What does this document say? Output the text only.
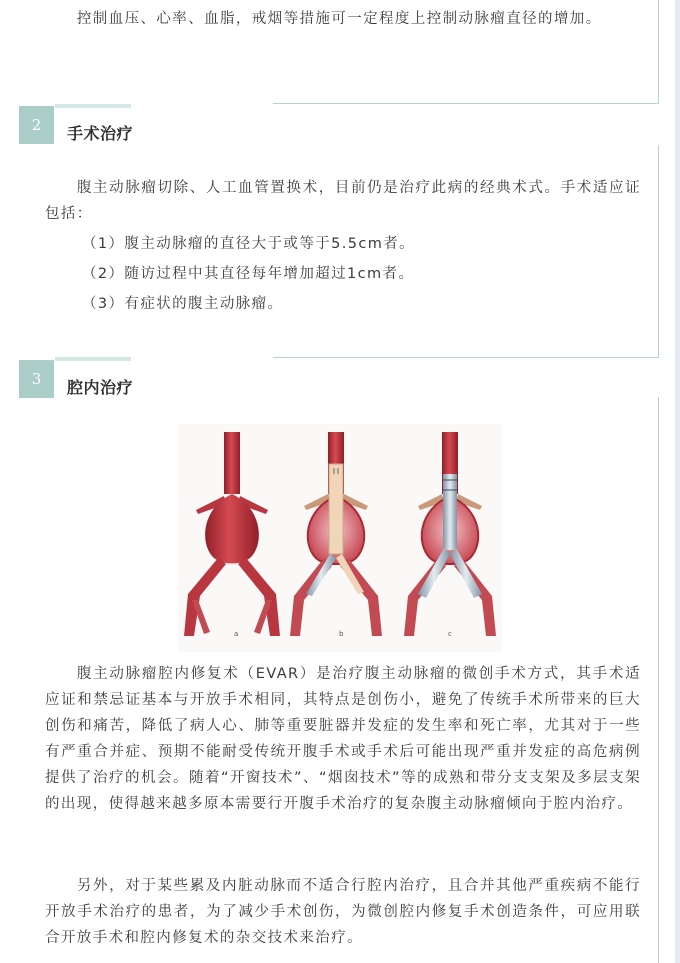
控制血压、心率、血脂，戒烟等措施可一定程度上控制动脉瘤直径的增加。

2	手术治疗

腹主动脉瘤切除、人工血管置换术，目前仍是治疗此病的经典术式。手术适应证包括：

（1）腹主动脉瘤的直径大于或等于5.5cm者。
（2）随访过程中其直径每年增加超过1cm者。
（3）有症状的腹主动脉瘤。
3	腔内治疗
a	b	c

腹主动脉瘤腔内修复术（EVAR）是治疗腹主动脉瘤的微创手术方式，其手术适应证和禁忌证基本与开放手术相同，其特点是创伤小，避免了传统手术所带来的巨大创伤和痛苦，降低了病人心、肺等重要脏器并发症的发生率和死亡率，尤其对于一些有严重合并症、预期不能耐受传统开腹手术或手术后可能出现严重并发症的高危病例提供了治疗的机会。随着“开窗技术”、“烟囱技术”等的成熟和带分支支架及多层支架的出现，使得越来越多原本需要行开腹手术治疗的复杂腹主动脉瘤倾向于腔内治疗。

另外，对于某些累及内脏动脉而不适合行腔内治疗，且合并其他严重疾病不能行开放手术治疗的患者，为了减少手术创伤，为微创腔内修复手术创造条件，可应用联合开放手术和腔内修复术的杂交技术来治疗。
